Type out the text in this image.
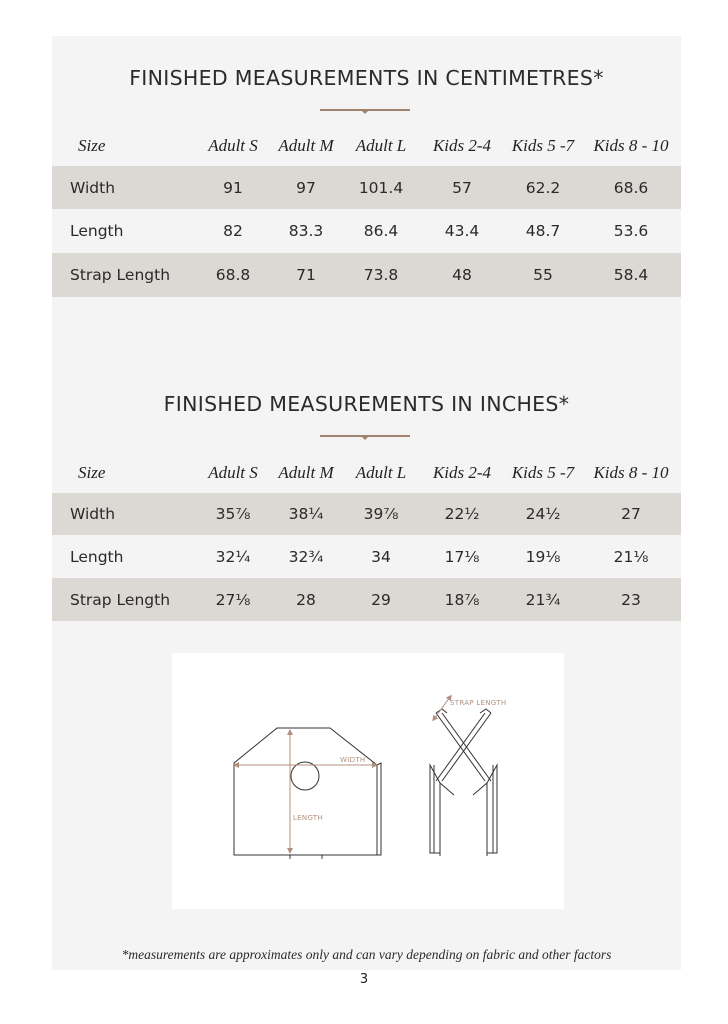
FINISHED MEASUREMENTS IN CENTIMETRES*
Size	Adult S	Adult M	Adult L	Kids 2-4	Kids 5 -7	Kids 8 - 10
Width	91	97	101.4	57	62.2	68.6
Length	82	83.3	86.4	43.4	48.7	53.6
Strap Length	68.8	71	73.8	48	55	58.4
FINISHED MEASUREMENTS IN INCHES*
Size	Adult S	Adult M	Adult L	Kids 2-4	Kids 5 -7	Kids 8 - 10
Width	35⅞	38¼	39⅞	22½	24½	27
Length	32¼	32¾	34	17⅛	19⅛	21⅛
Strap Length	27⅛	28	29	18⅞	21¾	23
WIDTH
LENGTH
STRAP LENGTH
*measurements are approximates only and can vary depending on fabric and other factors
3
